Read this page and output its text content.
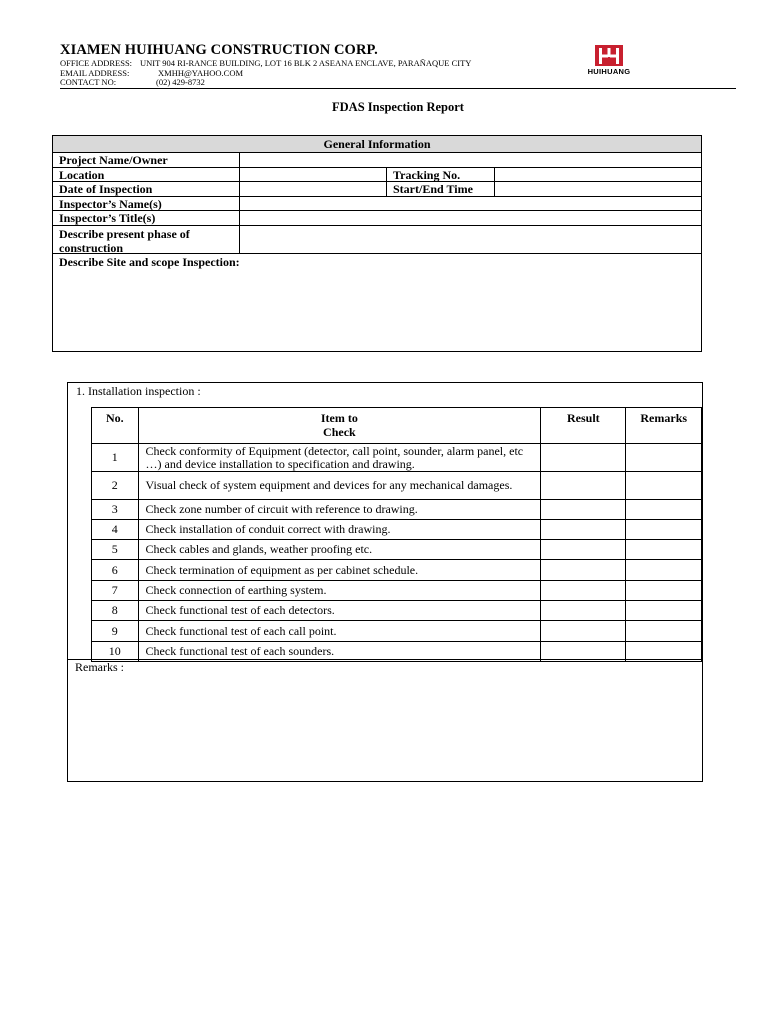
XIAMEN HUIHUANG CONSTRUCTION CORP.
OFFICE ADDRESS: UNIT 904 RI-RANCE BUILDING, LOT 16 BLK 2 ASEANA ENCLAVE, PARAÑAQUE CITY
EMAIL ADDRESS:	XMHH@YAHOO.COM
CONTACT NO:	(02) 429-8732
HUIHUANG
FDAS Inspection Report
General Information
Project Name/Owner
Location	Tracking No.
Date of Inspection	Start/End Time
Inspector’s Name(s)
Inspector’s Title(s)
Describe present phase of construction
Describe Site and scope Inspection:
1. Installation inspection :
No.	Item to Check	Result	Remarks
1	Check conformity of Equipment (detector, call point, sounder, alarm panel, etc …) and device installation to specification and drawing.		
2	Visual check of system equipment and devices for any mechanical damages.		
3	Check zone number of circuit with reference to drawing.		
4	Check installation of conduit correct with drawing.		
5	Check cables and glands, weather proofing etc.		
6	Check termination of equipment as per cabinet schedule.		
7	Check connection of earthing system.		
8	Check functional test of each detectors.		
9	Check functional test of each call point.		
10	Check functional test of each sounders.		
Remarks :
